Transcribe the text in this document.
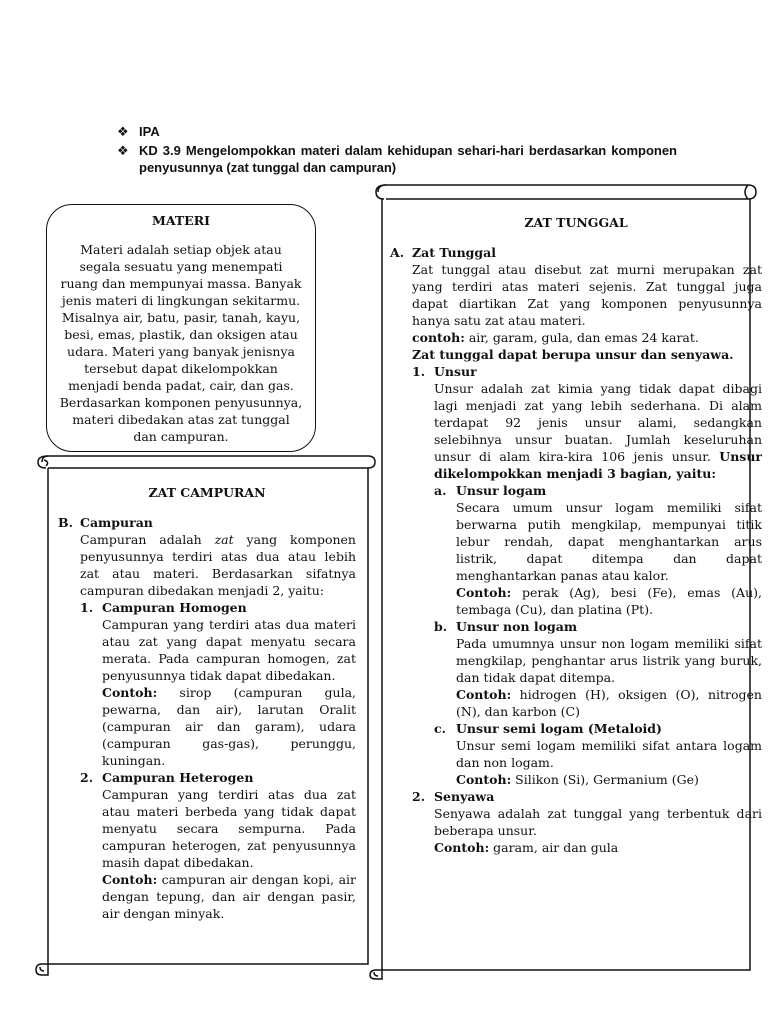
❖ IPA
❖ KD 3.9 Mengelompokkan materi dalam kehidupan sehari-hari berdasarkan komponen penyusunnya (zat tunggal dan campuran)
MATERI
Materi adalah setiap objek atau segala sesuatu yang menempati ruang dan mempunyai massa. Banyak jenis materi di lingkungan sekitarmu. Misalnya air, batu, pasir, tanah, kayu, besi, emas, plastik, dan oksigen atau udara. Materi yang banyak jenisnya tersebut dapat dikelompokkan menjadi benda padat, cair, dan gas. Berdasarkan komponen penyusunnya, materi dibedakan atas zat tunggal dan campuran.
ZAT CAMPURAN
B. Campuran

Campuran adalah zat yang komponen penyusunnya terdiri atas dua atau lebih zat atau materi. Berdasarkan sifatnya campuran dibedakan menjadi 2, yaitu:

1. Campuran Homogen

Campuran yang terdiri atas dua materi atau zat yang dapat menyatu secara merata. Pada campuran homogen, zat penyusunnya tidak dapat dibedakan.

Contoh: sirop (campuran gula, pewarna, dan air), larutan Oralit (campuran air dan garam), udara (campuran gas-gas), perunggu, kuningan.

2. Campuran Heterogen

Campuran yang terdiri atas dua zat atau materi berbeda yang tidak dapat menyatu secara sempurna. Pada campuran heterogen, zat penyusunnya masih dapat dibedakan.

Contoh: campuran air dengan kopi, air dengan tepung, dan air dengan pasir, air dengan minyak.

ZAT TUNGGAL
A. Zat Tunggal

Zat tunggal atau disebut zat murni merupakan zat yang terdiri atas materi sejenis. Zat tunggal juga dapat diartikan Zat yang komponen penyusunnya hanya satu zat atau materi.

contoh: air, garam, gula, dan emas 24 karat.

Zat tunggal dapat berupa unsur dan senyawa.

1. Unsur

Unsur adalah zat kimia yang tidak dapat dibagi lagi menjadi zat yang lebih sederhana. Di alam terdapat 92 jenis unsur alami, sedangkan selebihnya unsur buatan. Jumlah keseluruhan unsur di alam kira-kira 106 jenis unsur. Unsur dikelompokkan menjadi 3 bagian, yaitu:

a. Unsur logam

Secara umum unsur logam memiliki sifat berwarna putih mengkilap, mempunyai titik lebur rendah, dapat menghantarkan arus listrik, dapat ditempa dan dapat menghantarkan panas atau kalor.

Contoh: perak (Ag), besi (Fe), emas (Au), tembaga (Cu), dan platina (Pt).

b. Unsur non logam

Pada umumnya unsur non logam memiliki sifat mengkilap, penghantar arus listrik yang buruk, dan tidak dapat ditempa.

Contoh: hidrogen (H), oksigen (O), nitrogen (N), dan karbon (C)

c. Unsur semi logam (Metaloid)

Unsur semi logam memiliki sifat antara logam dan non logam.

Contoh: Silikon (Si), Germanium (Ge)

2. Senyawa

Senyawa adalah zat tunggal yang terbentuk dari beberapa unsur.

Contoh: garam, air dan gula
